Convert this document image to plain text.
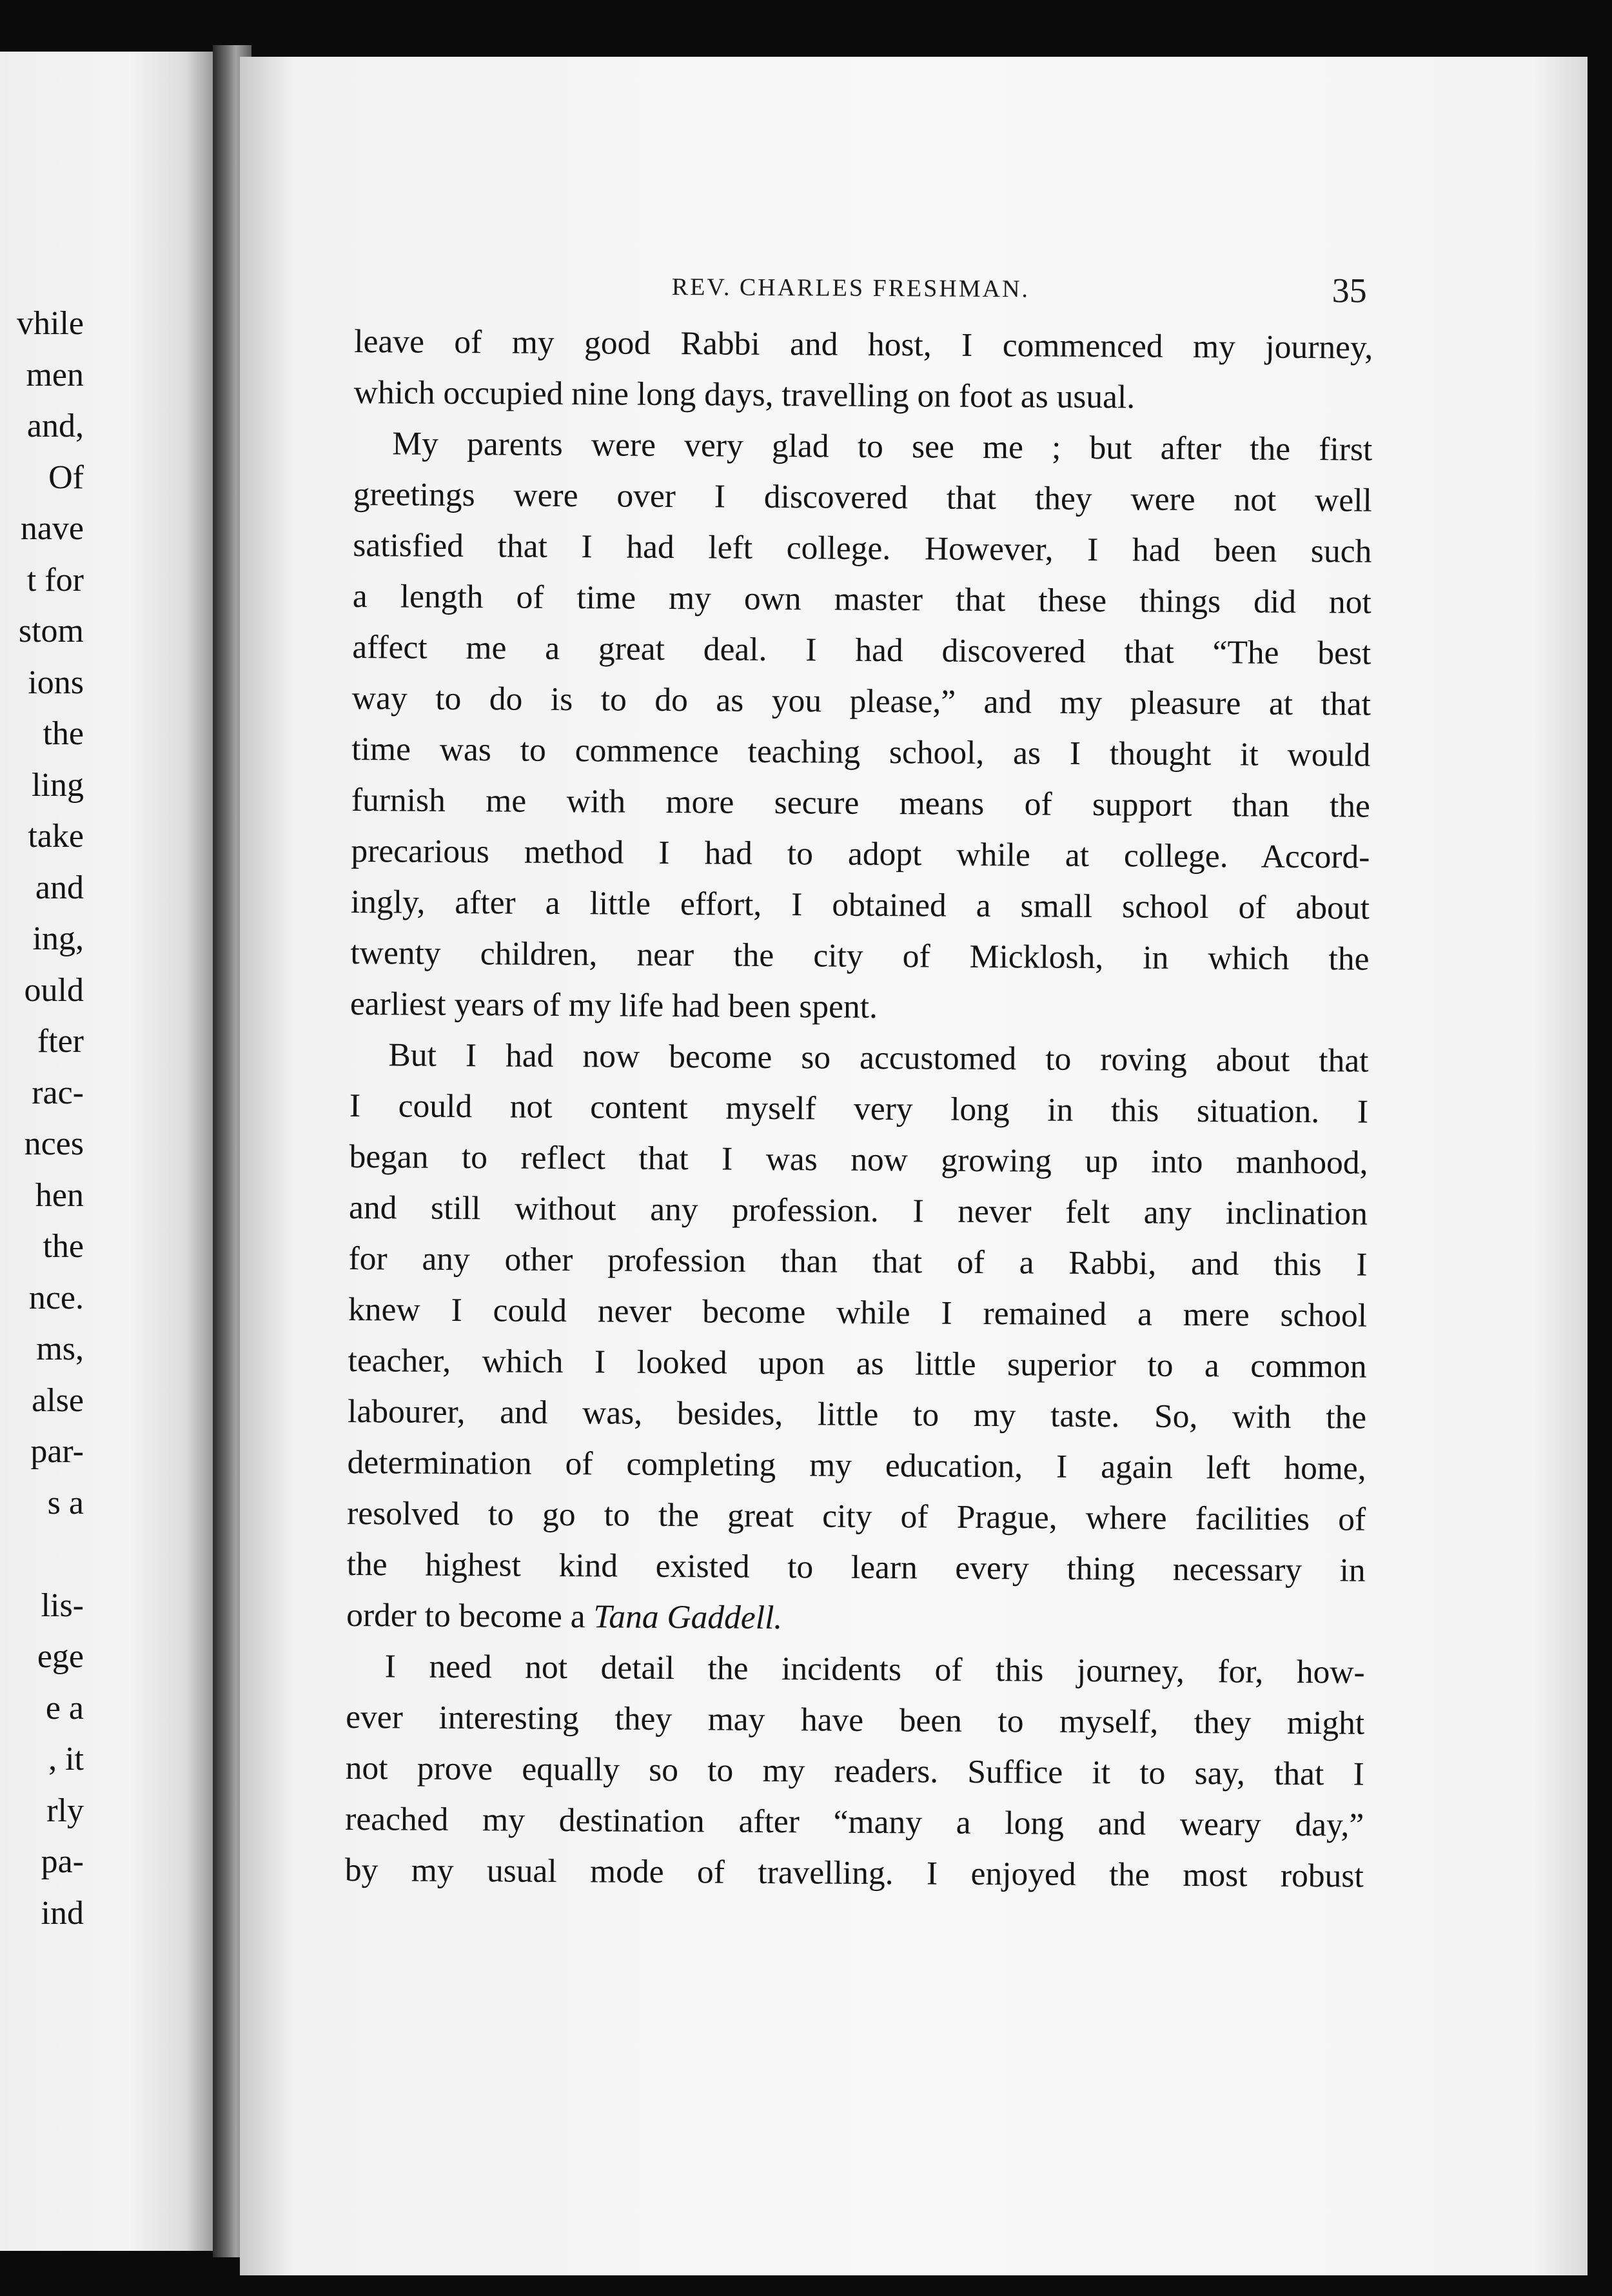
vhile
men
and,
Of
nave
t for
stom
ions
the
ling
take
and
ing,
ould
fter
rac-
nces
hen
the
nce.
ms,
alse
par-
s a

lis-
ege
e a
, it
rly
pa-
ind
REV. CHARLES FRESHMAN.	35
leave of my good Rabbi and host, I commenced my journey,
which occupied nine long days, travelling on foot as usual.
My parents were very glad to see me ; but after the first
greetings were over I discovered that they were not well
satisfied that I had left college. However, I had been such
a length of time my own master that these things did not
affect me a great deal. I had discovered that “The best
way to do is to do as you please,” and my pleasure at that
time was to commence teaching school, as I thought it would
furnish me with more secure means of support than the
precarious method I had to adopt while at college. Accord-
ingly, after a little effort, I obtained a small school of about
twenty children, near the city of Micklosh, in which the
earliest years of my life had been spent.
But I had now become so accustomed to roving about that
I could not content myself very long in this situation. I
began to reflect that I was now growing up into manhood,
and still without any profession. I never felt any inclination
for any other profession than that of a Rabbi, and this I
knew I could never become while I remained a mere school
teacher, which I looked upon as little superior to a common
labourer, and was, besides, little to my taste. So, with the
determination of completing my education, I again left home,
resolved to go to the great city of Prague, where facilities of
the highest kind existed to learn every thing necessary in
order to become a Tana Gaddell.
I need not detail the incidents of this journey, for, how-
ever interesting they may have been to myself, they might
not prove equally so to my readers. Suffice it to say, that I
reached my destination after “many a long and weary day,”
by my usual mode of travelling. I enjoyed the most robust
